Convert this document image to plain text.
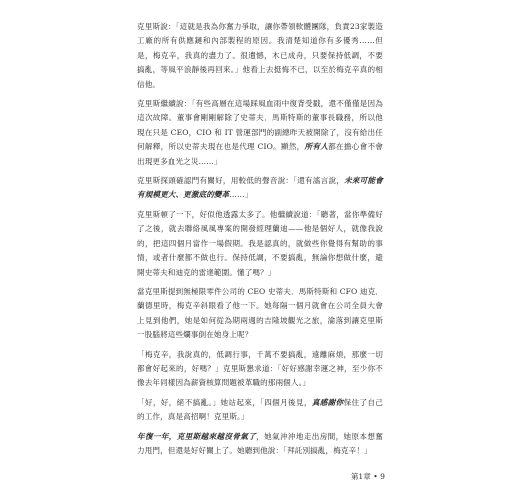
克里斯說：「這就是我為你奮力爭取，讓你帶領軟體團隊，負責23家製造工廠的所有供應鏈和內部製程的原因。我清楚知道你有多優秀……但是，梅克辛，我真的盡力了。很遺憾，木已成舟，只要保持低調，不要搞亂，等風平浪靜後再回來。」他看上去挺悔不已，以至於梅克辛真的相信他。

克里斯繼續說：「有些高層在這場踩風血雨中復背受戳，還不僅僅是因為這次故障。董事會剛剛解除了史蒂夫．馬斯特斯的董事長職務，所以他現在只是 CEO，CIO 和 IT 營運部門的副總昨天被開除了，沒有給出任何解釋，所以史蒂夫現在也是代理 CIO。顯然，所有人都在擔心會不會出現更多血光之災……」

克里斯探頭確認門有關好，用較低的聲音說：「還有謠言說，未來可能會有規模更大、更激底的變革……」

克里斯頓了一下，好似他透露太多了。他繼續說道：「聽著，當你準備好了之後，就去聯絡風風專案的開發經理蘭迪——他是個好人，就像我說的，把這四個月當作一場假期。我是認真的，就做些你覺得有幫助的事情，或者什麼都不做也行。保持低調，不要搞亂，無論你想做什麼，避開史蒂夫和迪克的雷達範圍。懂了嗎？」

當克里斯提到無極限零件公司的 CEO 史蒂夫．馬斯特斯和 CFO 迪克．蘭德里時，梅克辛斜眼看了他一下。她每隔一個月就會在公司全員大會上見到他們，她是如何從為期兩週的吉隆坡觀光之旅，淪落到讓克里斯一股腦將這些爛事倒在她身上呢？

「梅克辛，我說真的，低調行事，千萬不要搞亂，遠離麻煩，那麼一切都會好起來的，好嗎？」克里斯懇求道：「好好感謝幸運之神，至少你不像去年同樣因為薪資核算問題被革職的那兩個人。」

「好，好，絕不搞亂。」她站起來，「四個月後見，真感謝你保住了自己的工作，真是高招啊！克里斯。」

年復一年，克里斯越來越沒骨氣了，她氣沖沖地走出房間，她原本想奮力甩門，但還是好好關上了。她聽到他說：「拜託別搞亂，梅克辛！」

第1章 • 9
